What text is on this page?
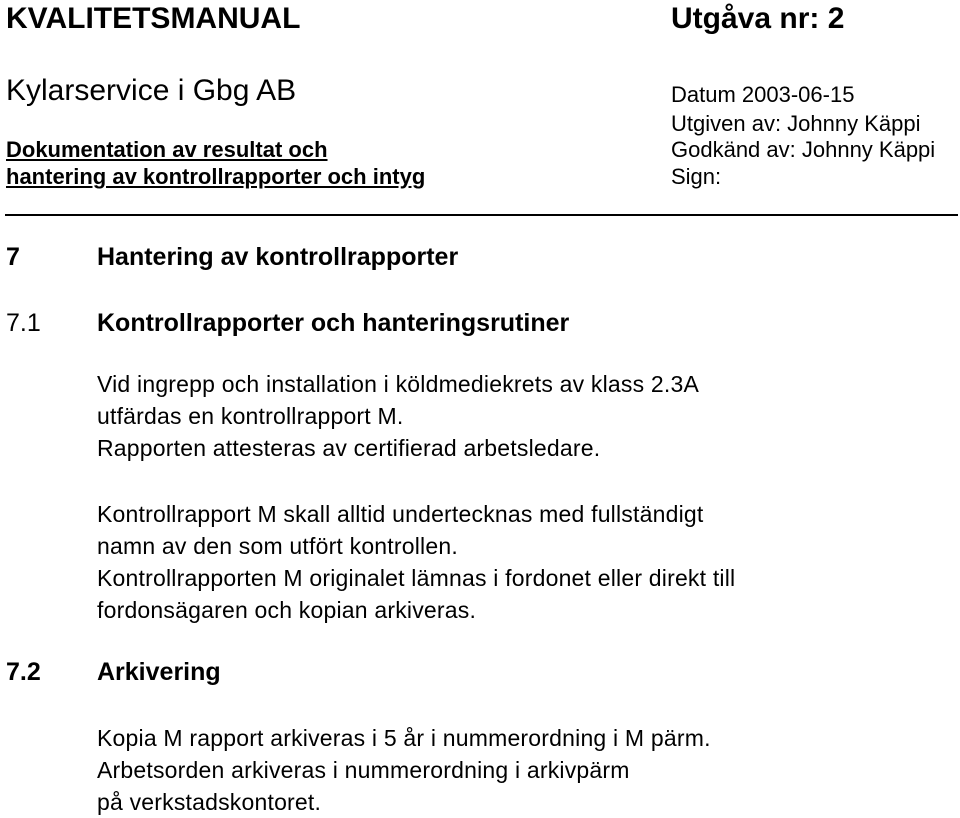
KVALITETSMANUAL	Utgåva nr: 2
Kylarservice i Gbg AB	Datum 2003-06-15
Utgiven av: Johnny Käppi
Dokumentation av resultat och	Godkänd av: Johnny Käppi
hantering av kontrollrapporter och intyg	Sign:
7	Hantering av kontrollrapporter
7.1 Kontrollrapporter och hanteringsrutiner
Vid ingrepp och installation i köldmediekrets av klass 2.3A
utfärdas en kontrollrapport M.
Rapporten attesteras av certifierad arbetsledare.
Kontrollrapport M skall alltid undertecknas med fullständigt
namn av den som utfört kontrollen.
Kontrollrapporten M originalet lämnas i fordonet eller direkt till
fordonsägaren och kopian arkiveras.
7.2 Arkivering
Kopia M rapport arkiveras i 5 år i nummerordning i M pärm.
Arbetsorden arkiveras i nummerordning i arkivpärm
på verkstadskontoret.
